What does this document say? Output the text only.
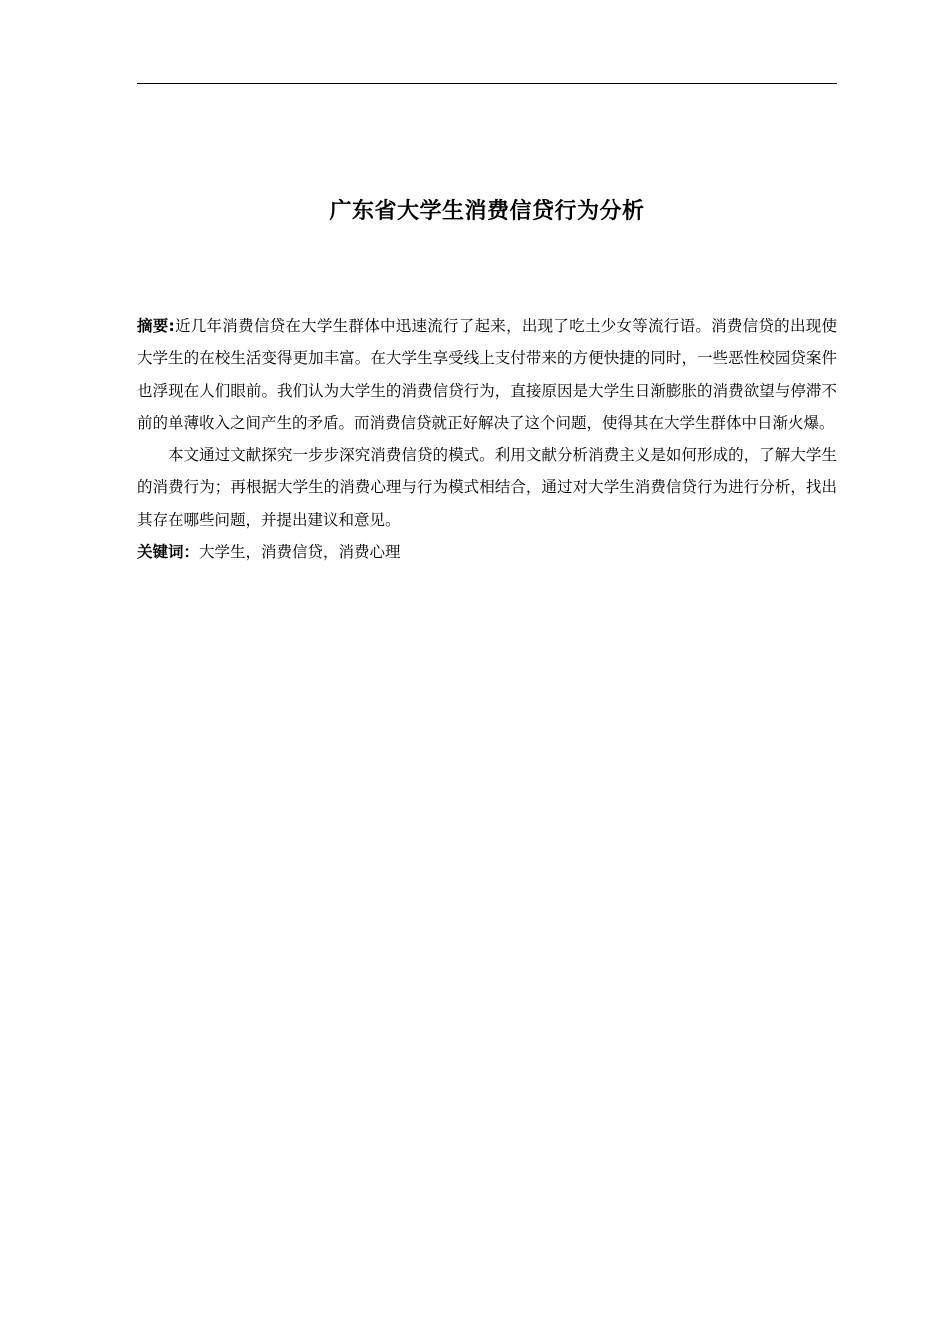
广东省大学生消费信贷行为分析

摘要:近几年消费信贷在大学生群体中迅速流行了起来，出现了吃土少女等流行语。消费信贷的出现使大学生的在校生活变得更加丰富。在大学生享受线上支付带来的方便快捷的同时，一些恶性校园贷案件也浮现在人们眼前。我们认为大学生的消费信贷行为，直接原因是大学生日渐膨胀的消费欲望与停滞不前的单薄收入之间产生的矛盾。而消费信贷就正好解决了这个问题，使得其在大学生群体中日渐火爆。

本文通过文献探究一步步深究消费信贷的模式。利用文献分析消费主义是如何形成的，了解大学生的消费行为；再根据大学生的消费心理与行为模式相结合，通过对大学生消费信贷行为进行分析，找出其存在哪些问题，并提出建议和意见。

关键词：大学生，消费信贷，消费心理
